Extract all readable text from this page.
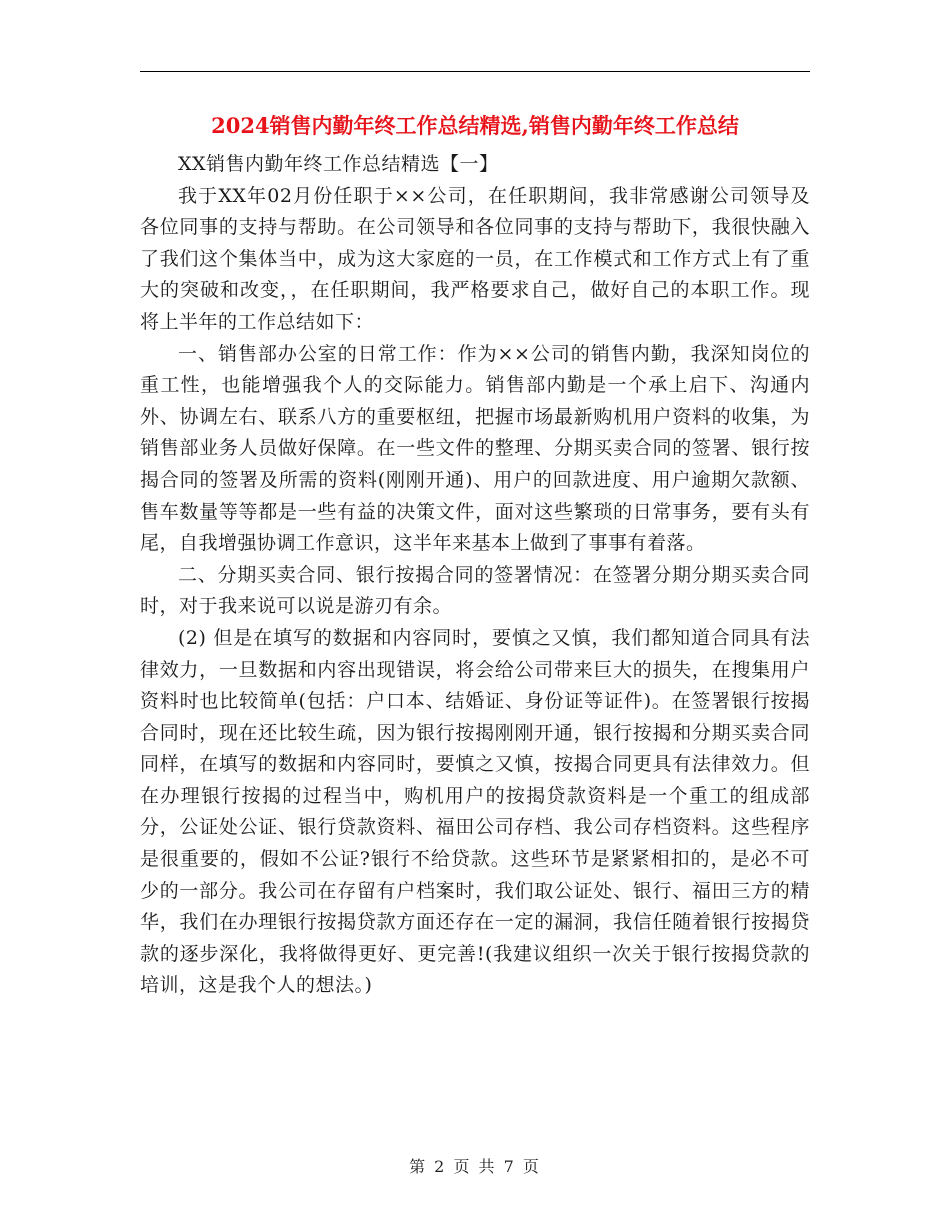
2024销售内勤年终工作总结精选,销售内勤年终工作总结

XX销售内勤年终工作总结精选【一】

我于XX年02月份任职于××公司，在任职期间，我非常感谢公司领导及各位同事的支持与帮助。在公司领导和各位同事的支持与帮助下，我很快融入了我们这个集体当中，成为这大家庭的一员，在工作模式和工作方式上有了重大的突破和改变，，在任职期间，我严格要求自己，做好自己的本职工作。现将上半年的工作总结如下：

一、销售部办公室的日常工作：作为××公司的销售内勤，我深知岗位的重工性，也能增强我个人的交际能力。销售部内勤是一个承上启下、沟通内外、协调左右、联系八方的重要枢纽，把握市场最新购机用户资料的收集，为销售部业务人员做好保障。在一些文件的整理、分期买卖合同的签署、银行按揭合同的签署及所需的资料(刚刚开通)、用户的回款进度、用户逾期欠款额、售车数量等等都是一些有益的决策文件，面对这些繁琐的日常事务，要有头有尾，自我增强协调工作意识，这半年来基本上做到了事事有着落。

二、分期买卖合同、银行按揭合同的签署情况：在签署分期分期买卖合同时，对于我来说可以说是游刃有余。

(2) 但是在填写的数据和内容同时，要慎之又慎，我们都知道合同具有法律效力，一旦数据和内容出现错误，将会给公司带来巨大的损失，在搜集用户资料时也比较简单(包括：户口本、结婚证、身份证等证件)。在签署银行按揭合同时，现在还比较生疏，因为银行按揭刚刚开通，银行按揭和分期买卖合同同样，在填写的数据和内容同时，要慎之又慎，按揭合同更具有法律效力。但在办理银行按揭的过程当中，购机用户的按揭贷款资料是一个重工的组成部分，公证处公证、银行贷款资料、福田公司存档、我公司存档资料。这些程序是很重要的，假如不公证?银行不给贷款。这些环节是紧紧相扣的，是必不可少的一部分。我公司在存留有户档案时，我们取公证处、银行、福田三方的精华，我们在办理银行按揭贷款方面还存在一定的漏洞，我信任随着银行按揭贷款的逐步深化，我将做得更好、更完善!(我建议组织一次关于银行按揭贷款的培训，这是我个人的想法。)

第 2 页 共 7 页
